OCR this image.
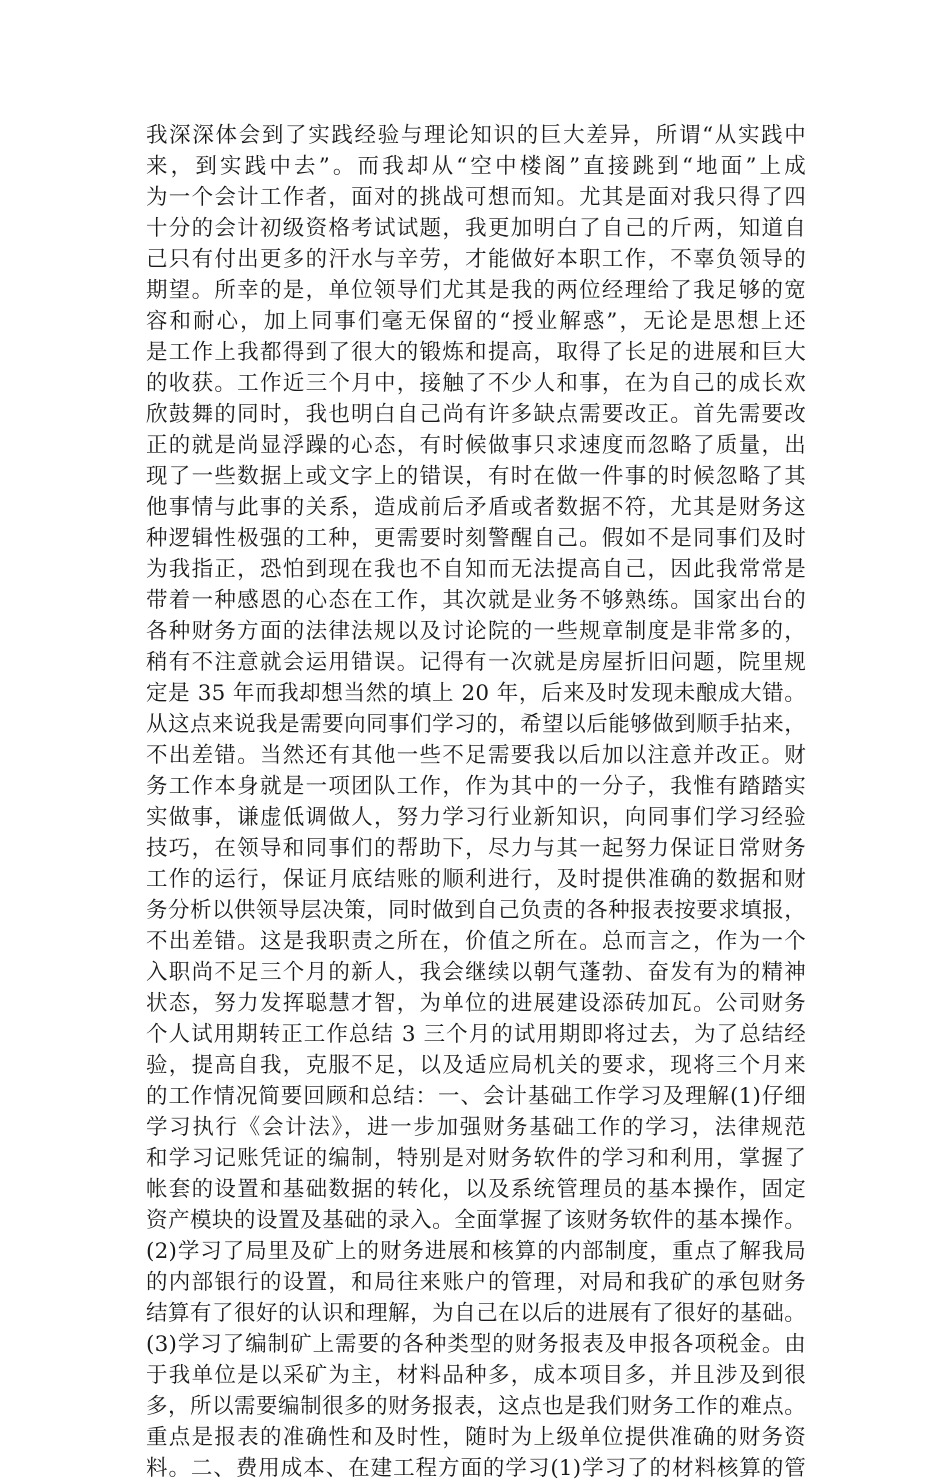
我深深体会到了实践经验与理论知识的巨大差异，所谓“从实践中
来，到实践中去”。而我却从“空中楼阁”直接跳到“地面”上成
为一个会计工作者，面对的挑战可想而知。尤其是面对我只得了四
十分的会计初级资格考试试题，我更加明白了自己的斤两，知道自
己只有付出更多的汗水与辛劳，才能做好本职工作，不辜负领导的
期望。所幸的是，单位领导们尤其是我的两位经理给了我足够的宽
容和耐心，加上同事们毫无保留的“授业解惑”，无论是思想上还
是工作上我都得到了很大的锻炼和提高，取得了长足的进展和巨大
的收获。工作近三个月中，接触了不少人和事，在为自己的成长欢
欣鼓舞的同时，我也明白自己尚有许多缺点需要改正。首先需要改
正的就是尚显浮躁的心态，有时候做事只求速度而忽略了质量，出
现了一些数据上或文字上的错误，有时在做一件事的时候忽略了其
他事情与此事的关系，造成前后矛盾或者数据不符，尤其是财务这
种逻辑性极强的工种，更需要时刻警醒自己。假如不是同事们及时
为我指正，恐怕到现在我也不自知而无法提高自己，因此我常常是
带着一种感恩的心态在工作，其次就是业务不够熟练。国家出台的
各种财务方面的法律法规以及讨论院的一些规章制度是非常多的，
稍有不注意就会运用错误。记得有一次就是房屋折旧问题，院里规
定是 35 年而我却想当然的填上 20 年，后来及时发现未酿成大错。
从这点来说我是需要向同事们学习的，希望以后能够做到顺手拈来，
不出差错。当然还有其他一些不足需要我以后加以注意并改正。财
务工作本身就是一项团队工作，作为其中的一分子，我惟有踏踏实
实做事，谦虚低调做人，努力学习行业新知识，向同事们学习经验
技巧，在领导和同事们的帮助下，尽力与其一起努力保证日常财务
工作的运行，保证月底结账的顺利进行，及时提供准确的数据和财
务分析以供领导层决策，同时做到自己负责的各种报表按要求填报，
不出差错。这是我职责之所在，价值之所在。总而言之，作为一个
入职尚不足三个月的新人，我会继续以朝气蓬勃、奋发有为的精神
状态，努力发挥聪慧才智，为单位的进展建设添砖加瓦。公司财务
个人试用期转正工作总结 3 三个月的试用期即将过去，为了总结经
验，提高自我，克服不足，以及适应局机关的要求，现将三个月来
的工作情况简要回顾和总结：一、会计基础工作学习及理解(1)仔细
学习执行《会计法》，进一步加强财务基础工作的学习，法律规范
和学习记账凭证的编制，特别是对财务软件的学习和利用，掌握了
帐套的设置和基础数据的转化，以及系统管理员的基本操作，固定
资产模块的设置及基础的录入。全面掌握了该财务软件的基本操作。
(2)学习了局里及矿上的财务进展和核算的内部制度，重点了解我局
的内部银行的设置，和局往来账户的管理，对局和我矿的承包财务
结算有了很好的认识和理解，为自己在以后的进展有了很好的基础。
(3)学习了编制矿上需要的各种类型的财务报表及申报各项税金。由
于我单位是以采矿为主，材料品种多，成本项目多，并且涉及到很
多，所以需要编制很多的财务报表，这点也是我们财务工作的难点。
重点是报表的准确性和及时性，随时为上级单位提供准确的财务资
料。二、费用成本、在建工程方面的学习(1)学习了的材料核算的管
